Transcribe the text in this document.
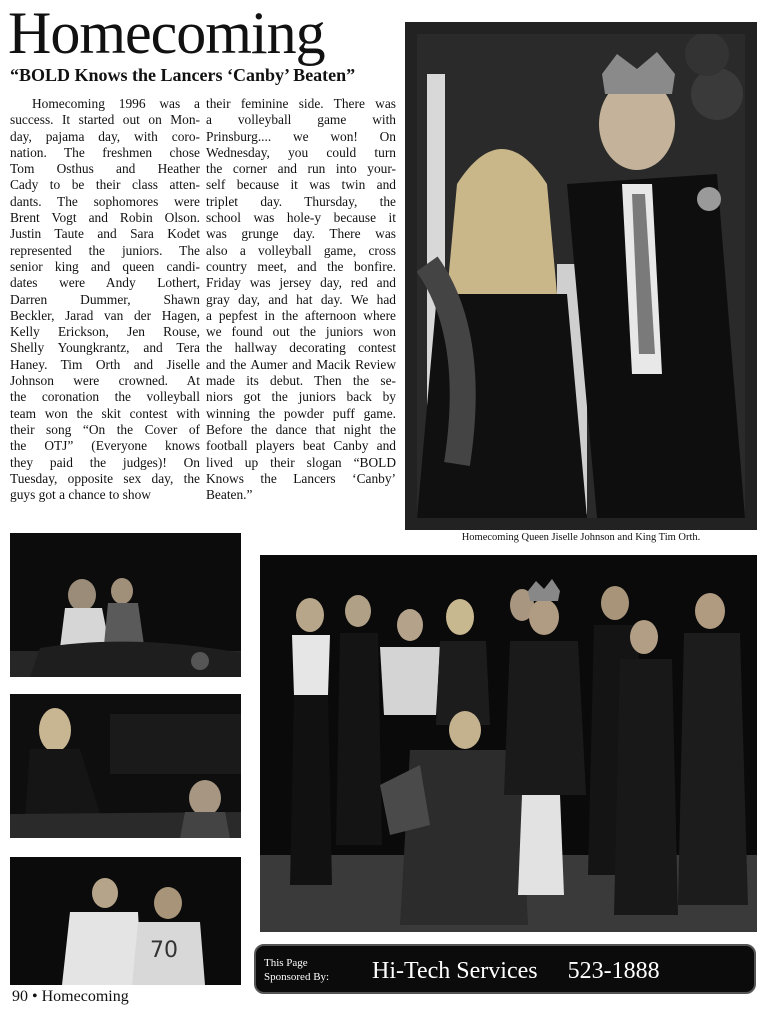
Homecoming
“BOLD Knows the Lancers ‘Canby’ Beaten”
Homecoming 1996 was a
success. It started out on Mon-
day, pajama day, with coro-
nation. The freshmen chose
Tom Osthus and Heather
Cady to be their class atten-
dants. The sophomores were
Brent Vogt and Robin Olson.
Justin Taute and Sara Kodet
represented the juniors. The
senior king and queen candi-
dates were Andy Lothert,
Darren Dummer, Shawn
Beckler, Jarad van der Hagen,
Kelly Erickson, Jen Rouse,
Shelly Youngkrantz, and Tera
Haney. Tim Orth and Jiselle
Johnson were crowned. At
the coronation the volleyball
team won the skit contest with
their song “On the Cover of
the OTJ” (Everyone knows
they paid the judges)! On
Tuesday, opposite sex day, the
guys got a chance to show
their feminine side. There was
a volleyball game with
Prinsburg.... we won! On
Wednesday, you could turn
the corner and run into your-
self because it was twin and
triplet day. Thursday, the
school was hole-y because it
was grunge day. There was
also a volleyball game, cross
country meet, and the bonfire.
Friday was jersey day, red and
gray day, and hat day. We had
a pepfest in the afternoon where
we found out the juniors won
the hallway decorating contest
and the Aumer and Macik Review
made its debut. Then the se-
niors got the juniors back by
winning the powder puff game.
Before the dance that night the
football players beat Canby and
lived up their slogan “BOLD
Knows the Lancers ‘Canby’
Beaten.”
Homecoming Queen Jiselle Johnson and King Tim Orth.
70	This Page
Sponsored By: Hi-Tech Services 523-1888
90 • Homecoming
